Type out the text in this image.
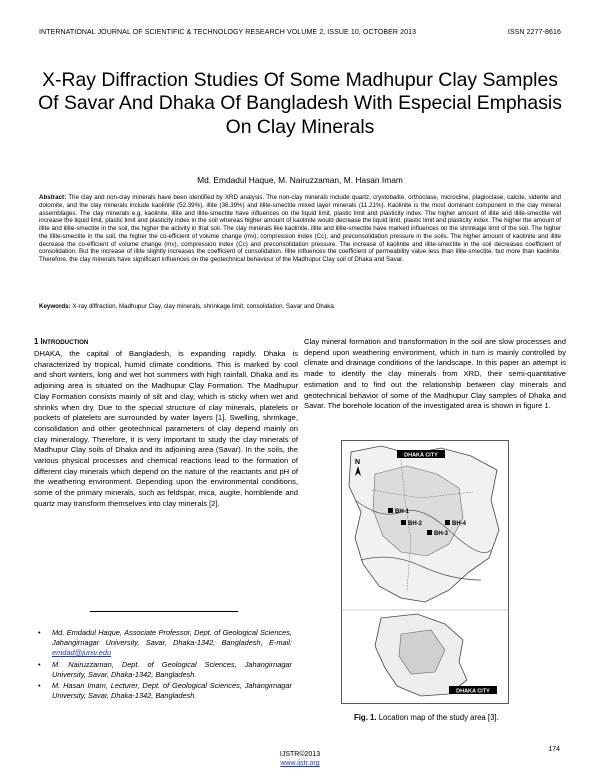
INTERNATIONAL JOURNAL OF SCIENTIFIC & TECHNOLOGY RESEARCH VOLUME 2, ISSUE 10, OCTOBER 2013	ISSN 2277-8616
X-Ray Diffraction Studies Of Some Madhupur Clay Samples Of Savar And Dhaka Of Bangladesh With Especial Emphasis On Clay Minerals
Md. Emdadul Haque, M. Nairuzzaman, M. Hasan Imam

Abstract: The clay and non-clay minerals have been identified by XRD analysis. The non-clay minerals include quartz, crystobalite, orthoclase, microcline, plagioclase, calcite, siderite and dolomite, and the clay minerals include kaolinite (52.39%), illite (36.39%) and illite-smectite mixed layer minerals (11.21%). Kaolinite is the most dominant component in the clay mineral assemblages. The clay minerals e.g. kaolinite, illite and illite-smectite have influences on the liquid limit, plastic limit and plasticity index. The higher amount of illite and illite-smectite will increase the liquid limit, plastic limit and plasticity index in the soil whereas higher amount of kaolinite would decrease the liquid limit, plastic limit and plasticity index. The higher the amount of illite and illite-smectite in the soil, the higher the activity in that soil. The clay minerals like kaolinite, illite and illite-smectite have marked influences on the shrinkage limit of the soil. The higher the illite-smectite in the soil, the higher the co-efficient of volume change (mv), compression index (Cc), and preconsolidation pressure in the soils. The higher amount of kaolinite and illite decrease the co-efficient of volume change (mv), compression index (Cc) and preconsolidation pressure. The increase of kaolinite and illite-smectite in the soil decreases coefficient of consolidation. But the increase of illite slightly increases the coefficient of consolidation. Illite influences the coefficient of permeability value less than illite-smectite, but more than kaolinite. Therefore, the clay minerals have significant influences on the geotechnical behaviour of the Madhupur Clay soil of Dhaka and Savar.

Keywords: X-ray diffraction, Madhupur Clay, clay minerals, shrinkage limit, consolidation, Savar and Dhaka.

1 INTRODUCTION

DHAKA, the capital of Bangladesh, is expanding rapidly. Dhaka is characterized by tropical, humid climate conditions. This is marked by cool and short winters, long and wet hot summers with high rainfall. Dhaka and its adjoining area is situated on the Madhupur Clay Formation. The Madhupur Clay Formation consists mainly of silt and clay, which is sticky when wet and shrinks when dry. Due to the special structure of clay minerals, platelets or pockets of platelets are surrounded by water layers [1]. Swelling, shrinkage, consolidation and other geotechnical parameters of clay depend mainly on clay mineralogy. Therefore, it is very important to study the clay minerals of Madhupur Clay soils of Dhaka and its adjoining area (Savar). In the soils, the various physical processes and chemical reactions lead to the formation of different clay minerals which depend on the nature of the reactants and pH of the weathering environment. Depending upon the environmental conditions, some of the primary minerals, such as feldspar, mica, augite, hornblende and quartz may transform themselves into clay minerals [2].

Clay mineral formation and transformation in the soil are slow processes and depend upon weathering environment, which in turn is mainly controlled by climate and drainage conditions of the landscape. In this paper an attempt is made to identify the clay minerals from XRD, their semi-quantitative estimation and to find out the relationship between clay minerals and geotechnical behavior of some of the Madhupur Clay samples of Dhaka and Savar. The borehole location of the investigated area is shown in figure 1.

• Md. Emdadul Haque, Associate Professor, Dept. of Geological Sciences, Jahangirnagar University, Savar, Dhaka-1342, Bangladesh, E-mail: emdad@juniv.edu
• M. Nairuzzaman, Dept. of Geological Sciences, Jahangirnagar University, Savar, Dhaka-1342, Bangladesh.
• M. Hasan Imam, Lecturer, Dept. of Geological Sciences, Jahangirnagar University, Savar, Dhaka-1342, Bangladesh.
DHAKA CITY
BH-1
BH-2
BH-3
BH-4
N
DHAKA CITY
Fig. 1. Location map of the study area [3].
174
IJSTR©2013
www.ijstr.org
